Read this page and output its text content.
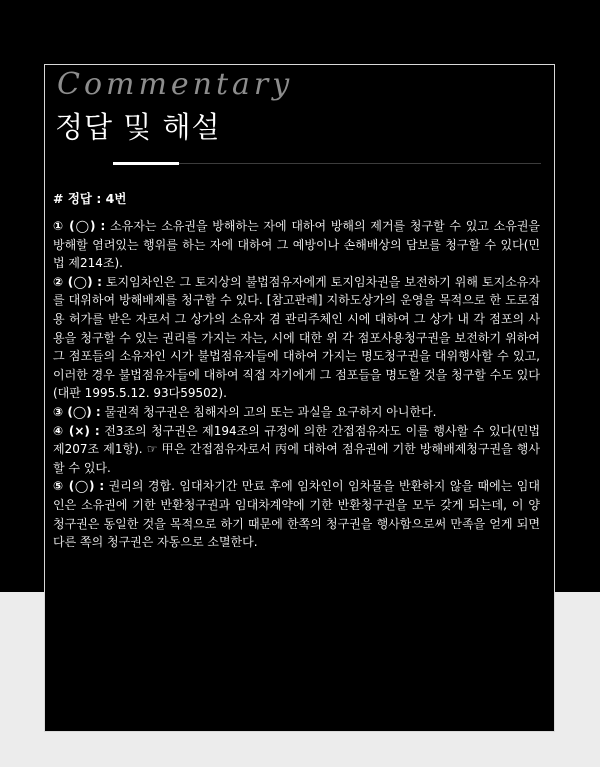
Commentary
정답 및 해설
# 정답 : 4번

① (◯) : 소유자는 소유권을 방해하는 자에 대하여 방해의 제거를 청구할 수 있고 소유권을 방해할 염려있는 행위를 하는 자에 대하여 그 예방이나 손해배상의 담보를 청구할 수 있다(민법 제214조).

② (◯) : 토지임차인은 그 토지상의 불법점유자에게 토지임차권을 보전하기 위해 토지소유자를 대위하여 방해배제를 청구할 수 있다. [참고판례] 지하도상가의 운영을 목적으로 한 도로점용 허가를 받은 자로서 그 상가의 소유자 겸 관리주체인 시에 대하여 그 상가 내 각 점포의 사용을 청구할 수 있는 권리를 가지는 자는, 시에 대한 위 각 점포사용청구권을 보전하기 위하여 그 점포들의 소유자인 시가 불법점유자들에 대하여 가지는 명도청구권을 대위행사할 수 있고, 이러한 경우 불법점유자들에 대하여 직접 자기에게 그 점포들을 명도할 것을 청구할 수도 있다(대판 1995.5.12. 93다59502).

③ (◯) : 물권적 청구권은 침해자의 고의 또는 과실을 요구하지 아니한다.

④ (×) : 전3조의 청구권은 제194조의 규정에 의한 간접점유자도 이를 행사할 수 있다(민법 제207조 제1항). ☞ 甲은 간접점유자로서 丙에 대하여 점유권에 기한 방해배제청구권을 행사할 수 있다.

⑤ (◯) : 권리의 경합. 임대차기간 만료 후에 임차인이 임차물을 반환하지 않을 때에는 임대인은 소유권에 기한 반환청구권과 임대차계약에 기한 반환청구권을 모두 갖게 되는데, 이 양 청구권은 동일한 것을 목적으로 하기 때문에 한쪽의 청구권을 행사함으로써 만족을 얻게 되면 다른 쪽의 청구권은 자동으로 소멸한다.
